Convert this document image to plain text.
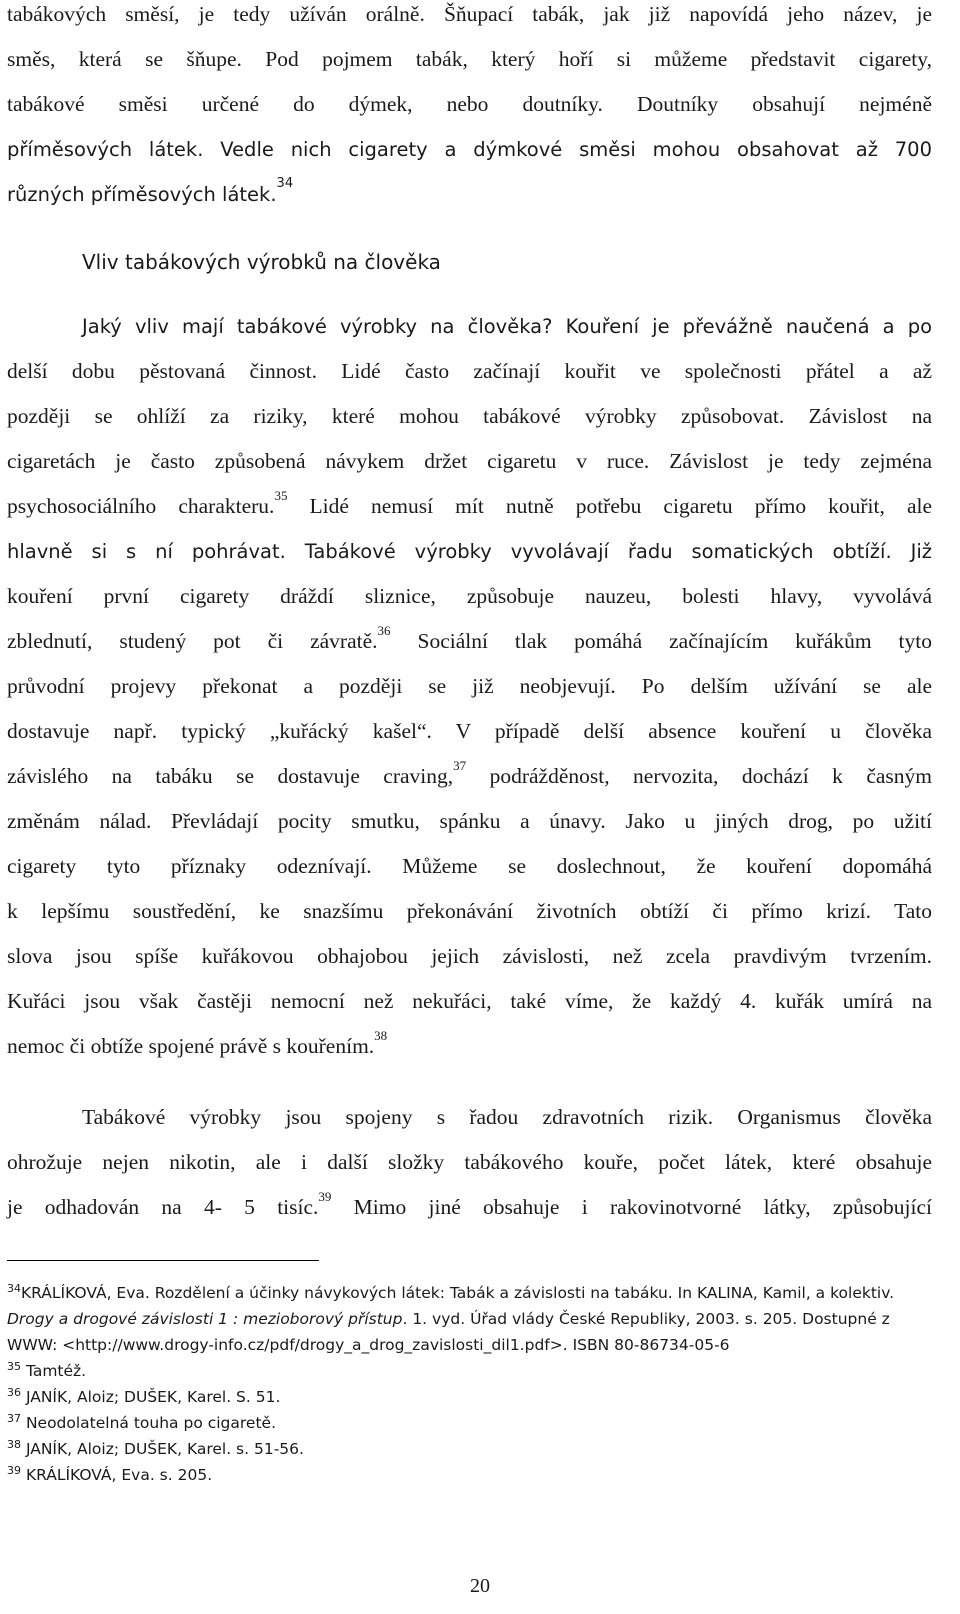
tabákových směsí, je tedy užíván orálně. Šňupací tabák, jak již napovídá jeho název, je
směs, která se šňupe. Pod pojmem tabák, který hoří si můžeme představit cigarety,
tabákové směsi určené do dýmek, nebo doutníky. Doutníky obsahují nejméně
příměsových látek. Vedle nich cigarety a dýmkové směsi mohou obsahovat až 700
různých příměsových látek.$^{34}$
Vliv tabákových výrobků na člověka
Jaký vliv mají tabákové výrobky na člověka? Kouření je převážně naučená a po
delší dobu pěstovaná činnost. Lidé často začínají kouřit ve společnosti přátel a až
později se ohlíží za riziky, které mohou tabákové výrobky způsobovat. Závislost na
cigaretách je často způsobená návykem držet cigaretu v ruce. Závislost je tedy zejména
psychosociálního charakteru.$^{35}$ Lidé nemusí mít nutně potřebu cigaretu přímo kouřit, ale
hlavně si s ní pohrávat. Tabákové výrobky vyvolávají řadu somatických obtíží. Již
kouření první cigarety dráždí sliznice, způsobuje nauzeu, bolesti hlavy, vyvolává
zblednutí, studený pot či závratě.$^{36}$ Sociální tlak pomáhá začínajícím kuřákům tyto
průvodní projevy překonat a později se již neobjevují. Po delším užívání se ale
dostavuje např. typický „kuřácký kašel“. V případě delší absence kouření u člověka
závislého na tabáku se dostavuje craving,$^{37}$ podrážděnost, nervozita, dochází k časným
změnám nálad. Převládají pocity smutku, spánku a únavy. Jako u jiných drog, po užití
cigarety tyto příznaky odeznívají. Můžeme se doslechnout, že kouření dopomáhá
k lepšímu soustředění, ke snazšímu překonávání životních obtíží či přímo krizí. Tato
slova jsou spíše kuřákovou obhajobou jejich závislosti, než zcela pravdivým tvrzením.
Kuřáci jsou však častěji nemocní než nekuřáci, také víme, že každý 4. kuřák umírá na
nemoc či obtíže spojené právě s kouřením.$^{38}$
Tabákové výrobky jsou spojeny s řadou zdravotních rizik. Organismus člověka
ohrožuje nejen nikotin, ale i další složky tabákového kouře, počet látek, které obsahuje
je odhadován na 4- 5 tisíc.$^{39}$ Mimo jiné obsahuje i rakovinotvorné látky, způsobující

$^{34}$KRÁLÍKOVÁ, Eva. Rozdělení a účinky návykových látek: Tabák a závislosti na tabáku. In KALINA, Kamil, a kolektiv. Drogy a drogové závislosti 1 : mezioborový přístup. 1. vyd. Úřad vlády České Republiky, 2003. s. 205. Dostupné z WWW: <http://www.drogy-info.cz/pdf/drogy_a_drog_zavislosti_dil1.pdf>. ISBN 80-86734-05-6

$^{35}$ Tamtéž.

$^{36}$ JANÍK, Aloiz; DUŠEK, Karel. S. 51.

$^{37}$ Neodolatelná touha po cigaretě.

$^{38}$ JANÍK, Aloiz; DUŠEK, Karel. s. 51-56.

$^{39}$ KRÁLÍKOVÁ, Eva. s. 205.

20
